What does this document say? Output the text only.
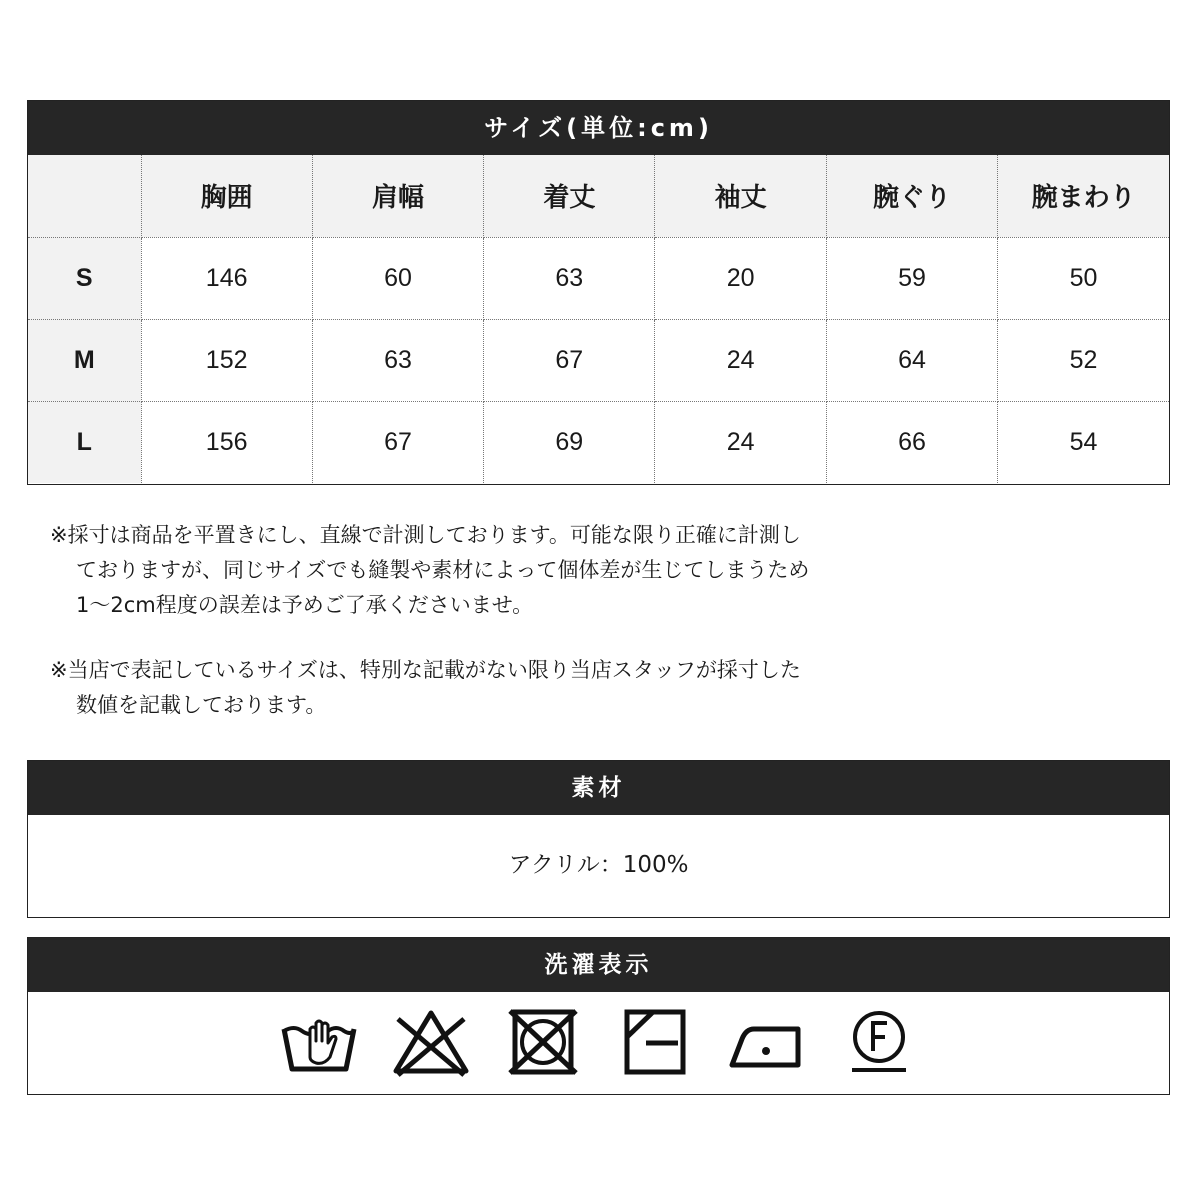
サイズ(単位:cm)
	胸囲	肩幅	着丈	袖丈	腕ぐり	腕まわり
S	146	60	63	20	59	50
M	152	63	67	24	64	52
L	156	67	69	24	66	54

※採寸は商品を平置きにし、直線で計測しております。可能な限り正確に計測し
ておりますが、同じサイズでも縫製や素材によって個体差が生じてしまうため
1〜2cm程度の誤差は予めご了承くださいませ。

※当店で表記しているサイズは、特別な記載がない限り当店スタッフが採寸した
数値を記載しております。

素材
アクリル：100%
洗濯表示
